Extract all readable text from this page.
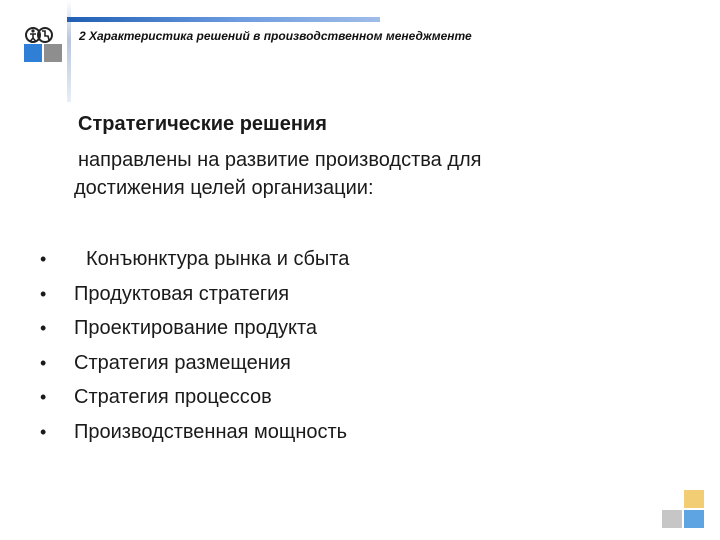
2 Характеристика решений в производственном менеджменте
Стратегические решения
направлены на развитие производства для
достижения целей организации:
•	Конъюнктура рынка и сбыта
•	Продуктовая стратегия
•	Проектирование продукта
•	Стратегия размещения
•	Стратегия процессов
•	Производственная мощность
